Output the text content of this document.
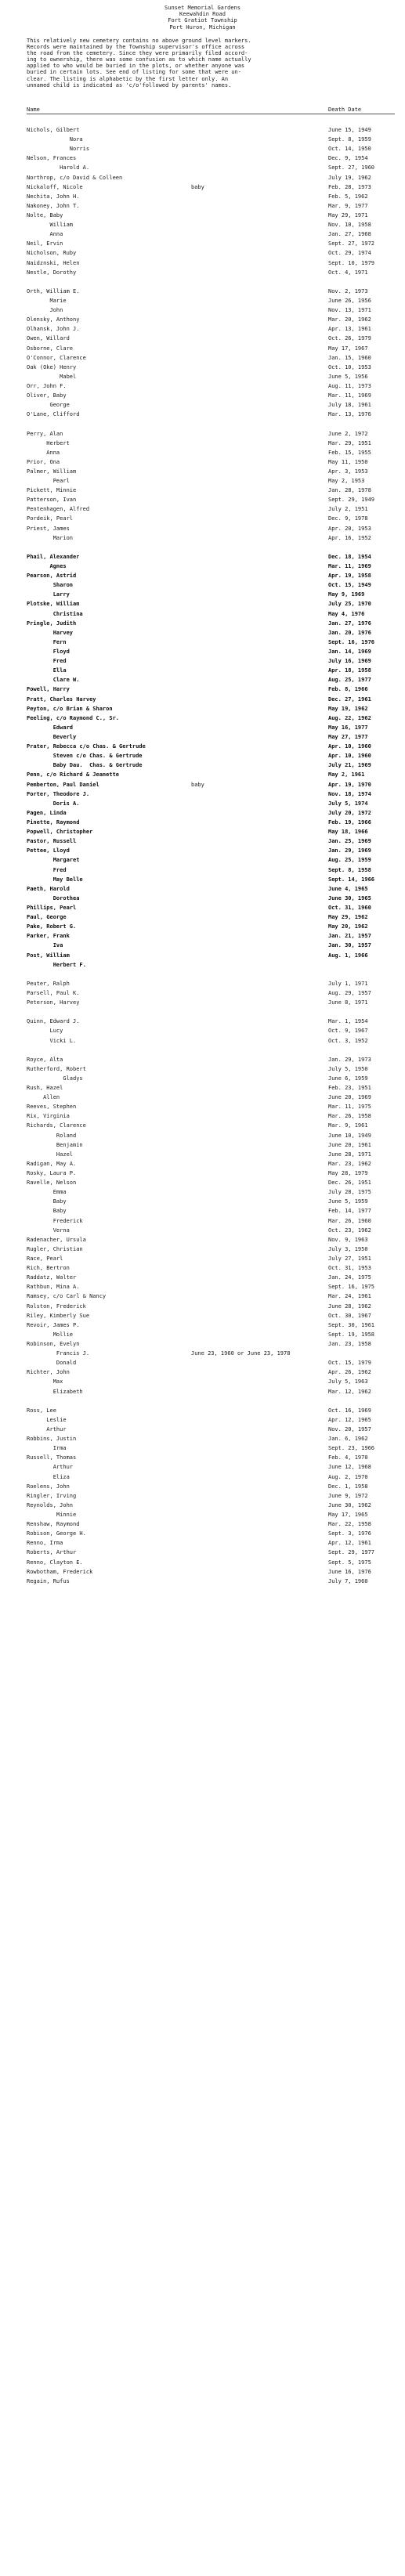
Sunset Memorial Gardens
Keewahdin Road
Fort Gratiot Township
Port Huron, Michigan
This relatively new cemetery contains no above ground level markers.
Records were maintained by the Township supervisor's office across
the road from the cemetery. Since they were primarily filed accord-
ing to ownership, there was some confusion as to which name actually
applied to who would be buried in the plots, or whether anyone was
buried in certain lots. See end of listing for some that were un-
clear. The listing is alphabetic by the first letter only. An
unnamed child is indicated as 'c/o'followed by parents' names.
Name	Death Date
Nichols, Gilbert	June 15, 1949
Nora	Sept. 8, 1959
Norris	Oct. 14, 1950
Nelson, Frances	Dec. 9, 1954
Harold A.	Sept. 27, 1960
Northrop, c/o David & Colleen	July 19, 1962
Nickaloff, Nicole	baby	Feb. 28, 1973
Nechita, John H.	Feb. 5, 1962
Nakoney, John T.	Mar. 9, 1977
Nolte, Baby	May 29, 1971
William	Nov. 10, 1958
Anna	Jan. 27, 1968
Neil, Ervin	Sept. 27, 1972
Nicholson, Ruby	Oct. 29, 1974
Naidznski, Helen	Sept. 10, 1979
Nestle, Dorothy	Oct. 4, 1971
Orth, William E.	Nov. 2, 1973
Marie	June 26, 1956
John	Nov. 13, 1971
Olensky, Anthony	Mar. 20, 1962
Olhansk, John J.	Apr. 13, 1961
Owen, Willard	Oct. 26, 1979
Osborne, Clare	May 17, 1967
O'Connor, Clarence	Jan. 15, 1960
Oak (Oke) Henry	Oct. 10, 1953
Mabel	June 5, 1956
Orr, John F.	Aug. 11, 1973
Oliver, Baby	Mar. 11, 1969
George	July 18, 1961
O'Lane, Clifford	Mar. 13, 1976
Perry, Alan	June 2, 1972
Herbert	Mar. 29, 1951
Anna	Feb. 15, 1955
Prior, Ona	May 11, 1950
Palmer, William	Apr. 3, 1953
Pearl	May 2, 1953
Pickett, Minnie	Jan. 28, 1978
Patterson, Ivan	Sept. 29, 1949
Pentenhagen, Alfred	July 2, 1951
Pordeik, Pearl	Dec. 9, 1978
Priest, James	Apr. 20, 1953
Marion	Apr. 16, 1952
Phail, Alexander	Dec. 18, 1954
Agnes	Mar. 11, 1969
Pearson, Astrid	Apr. 19, 1958
Sharon	Oct. 15, 1949
Larry	May 9, 1969
Plotske, William	July 25, 1970
Christina	May 4, 1976
Pringle, Judith	Jan. 27, 1976
Harvey	Jan. 20, 1976
Fern	Sept. 16, 1976
Floyd	Jan. 14, 1969
Fred	July 16, 1969
Ella	Apr. 18, 1958
Clare W.	Aug. 25, 1977
Powell, Harry	Feb. 8, 1966
Pratt, Charles Harvey	Dec. 27, 1961
Peyton, c/o Brian & Sharon	May 19, 1962
Peeling, c/o Raymond C., Sr.	Aug. 22, 1962
Edward	May 16, 1977
Beverly	May 27, 1977
Prater, Rebecca c/o Chas. & Gertrude	Apr. 10, 1960
Steven c/o Chas. & Gertrude	Apr. 10, 1960
Baby Dau.  Chas. & Gertrude	July 21, 1969
Penn, c/o Richard & Jeanette	May 2, 1961
Pemberton, Paul Daniel	baby	Apr. 19, 1970
Porter, Theodore J.	Nov. 18, 1974
Doris A.	July 5, 1974
Pagen, Linda	July 20, 1972
Pinette, Raymond	Feb. 19, 1966
Popwell, Christopher	May 18, 1966
Pastor, Russell	Jan. 25, 1969
Pettee, Lloyd	Jan. 29, 1969
Margaret	Aug. 25, 1959
Fred	Sept. 8, 1958
May Belle	Sept. 14, 1966
Paeth, Harold	June 4, 1965
Dorothea	June 30, 1965
Phillips, Pearl	Oct. 31, 1960
Paul, George	May 29, 1962
Pake, Robert G.	May 20, 1962
Parker, Frank	Jan. 21, 1957
Iva	Jan. 30, 1957
Post, William	Aug. 1, 1966
Herbert F.
Peuter, Ralph	July 1, 1971
Parsell, Paul K.	Aug. 29, 1957
Peterson, Harvey	June 8, 1971
Quinn, Edward J.	Mar. 1, 1954
Lucy	Oct. 9, 1967
Vicki L.	Oct. 3, 1952
Royce, Alta	Jan. 29, 1973
Rutherford, Robert	July 5, 1950
Gladys	June 6, 1959
Rush, Hazel	Feb. 23, 1951
Allen	June 20, 1969
Reeves, Stephen	Mar. 11, 1975
Rix, Virginia	Mar. 26, 1958
Richards, Clarence	Mar. 9, 1961
Roland	June 10, 1949
Benjamin	June 20, 1961
Hazel	June 28, 1971
Radigan, May A.	Mar. 23, 1962
Rosky, Laura P.	May 28, 1979
Ravelle, Nelson	Dec. 26, 1951
Emma	July 28, 1975
Baby	June 5, 1959
Baby	Feb. 14, 1977
Frederick	Mar. 26, 1960
Verna	Oct. 23, 1962
Radenacher, Ursula	Nov. 9, 1963
Rugler, Christian	July 3, 1950
Race, Pearl	July 27, 1951
Rich, Bertron	Oct. 31, 1953
Raddatz, Walter	Jan. 24, 1975
Rathbun, Mina A.	Sept. 16, 1975
Ramsey, c/o Carl & Nancy	Mar. 24, 1961
Rolston, Frederick	June 28, 1962
Riley, Kimberly Sue	Oct. 30, 1967
Revoir, James P.	Sept. 30, 1961
Mollie	Sept. 19, 1958
Robinson, Evelyn	Jan. 23, 1958
Francis J.	June 23, 1960 or June 23, 1978
Donald	Oct. 15, 1979
Richter, John	Apr. 26, 1962
Max	July 5, 1963
Elizabeth	Mar. 12, 1962
Ross, Lee	Oct. 16, 1969
Leslie	Apr. 12, 1965
Arthur	Nov. 20, 1957
Robbins, Justin	Jan. 6, 1962
Irma	Sept. 23, 1966
Russell, Thomas	Feb. 4, 1970
Arthur	June 12, 1968
Eliza	Aug. 2, 1970
Roelens, John	Dec. 1, 1958
Ringler, Irving	June 9, 1972
Reynolds, John	June 30, 1962
Minnie	May 17, 1965
Renshaw, Raymond	Mar. 22, 1958
Robison, George H.	Sept. 3, 1976
Renno, Irma	Apr. 12, 1961
Roberts, Arthur	Sept. 29, 1977
Renno, Clayton E.	Sept. 5, 1975
Rowbotham, Frederick	June 16, 1976
Regain, Rufus	July 7, 1960
